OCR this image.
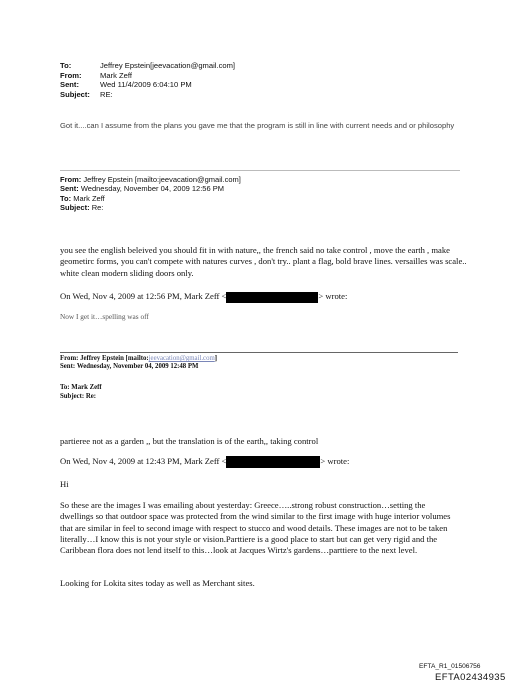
To:	Jeffrey Epstein[jeevacation@gmail.com]
From:	Mark Zeff
Sent:	Wed 11/4/2009 6:04:10 PM
Subject:	RE:
Got it....can I assume from the plans you gave me that the program is still in line with current needs and or philosophy
From: Jeffrey Epstein [mailto:jeevacation@gmail.com]
Sent: Wednesday, November 04, 2009 12:56 PM
To: Mark Zeff
Subject: Re:
you see the english beleived you should fit in with nature,, the french said no take control , move the earth , make geometirc forms, you can't compete with natures curves , don't try.. plant a flag, bold brave lines. versailles was scale.. white clean modern sliding doors only.
On Wed, Nov 4, 2009 at 12:56 PM, Mark Zeff <	> wrote:
Now I get it…spelling was off
From: Jeffrey Epstein [mailto:jeevacation@gmail.com]
Sent: Wednesday, November 04, 2009 12:48 PM
To: Mark Zeff
Subject: Re:
partieree not as a garden ,, but the translation is of the earth,, taking control
On Wed, Nov 4, 2009 at 12:43 PM, Mark Zeff <	> wrote:
Hi
So these are the images I was emailing about yesterday: Greece…..strong robust construction…setting the dwellings so that outdoor space was protected from the wind similar to the first image with huge interior volumes that are similar in feel to second image with respect to stucco and wood details. These images are not to be taken literally…I know this is not your style or vision.Parttiere is a good place to start but can get very rigid and the Caribbean flora does not lend itself to this…look at Jacques Wirtz's gardens…parttiere to the next level.
Looking for Lokita sites today as well as Merchant sites.
EFTA_R1_01506756
EFTA02434935
